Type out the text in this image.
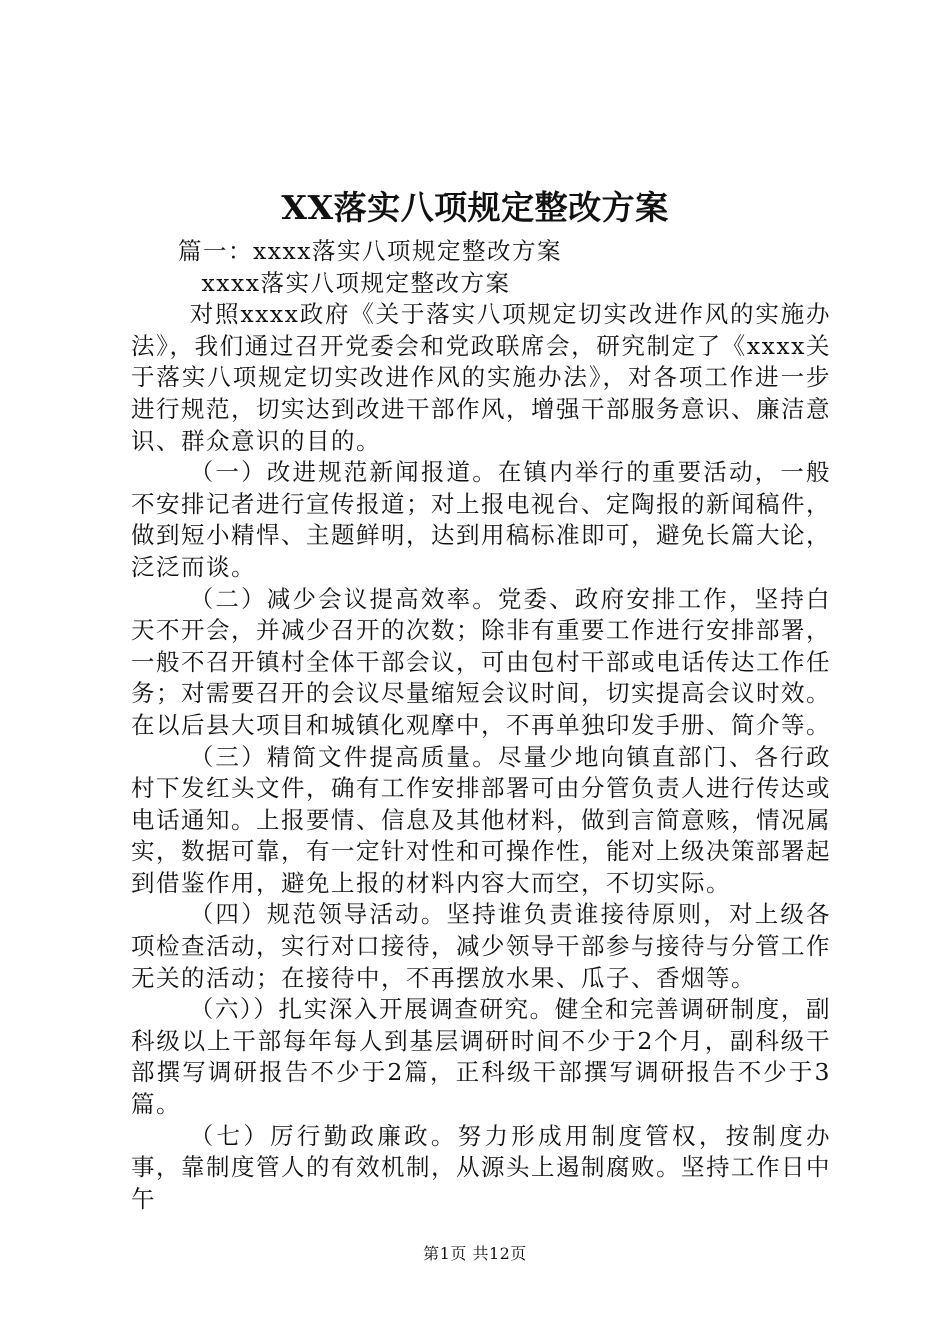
XX落实八项规定整改方案

篇一：xxxx落实八项规定整改方案

xxxx落实八项规定整改方案

对照xxxx政府《关于落实八项规定切实改进作风的实施办法》，我们通过召开党委会和党政联席会，研究制定了《xxxx关于落实八项规定切实改进作风的实施办法》，对各项工作进一步进行规范，切实达到改进干部作风，增强干部服务意识、廉洁意识、群众意识的目的。

（一）改进规范新闻报道。在镇内举行的重要活动，一般不安排记者进行宣传报道；对上报电视台、定陶报的新闻稿件，做到短小精悍、主题鲜明，达到用稿标准即可，避免长篇大论，泛泛而谈。

（二）减少会议提高效率。党委、政府安排工作，坚持白天不开会，并减少召开的次数；除非有重要工作进行安排部署，一般不召开镇村全体干部会议，可由包村干部或电话传达工作任务；对需要召开的会议尽量缩短会议时间，切实提高会议时效。在以后县大项目和城镇化观摩中，不再单独印发手册、简介等。

（三）精简文件提高质量。尽量少地向镇直部门、各行政村下发红头文件，确有工作安排部署可由分管负责人进行传达或电话通知。上报要情、信息及其他材料，做到言简意赅，情况属实，数据可靠，有一定针对性和可操作性，能对上级决策部署起到借鉴作用，避免上报的材料内容大而空，不切实际。

（四）规范领导活动。坚持谁负责谁接待原则，对上级各项检查活动，实行对口接待，减少领导干部参与接待与分管工作无关的活动；在接待中，不再摆放水果、瓜子、香烟等。

（六））扎实深入开展调查研究。健全和完善调研制度，副科级以上干部每年每人到基层调研时间不少于2个月，副科级干部撰写调研报告不少于2篇，正科级干部撰写调研报告不少于3篇。

（七）厉行勤政廉政。努力形成用制度管权，按制度办事，靠制度管人的有效机制，从源头上遏制腐败。坚持工作日中午

第1页 共12页
